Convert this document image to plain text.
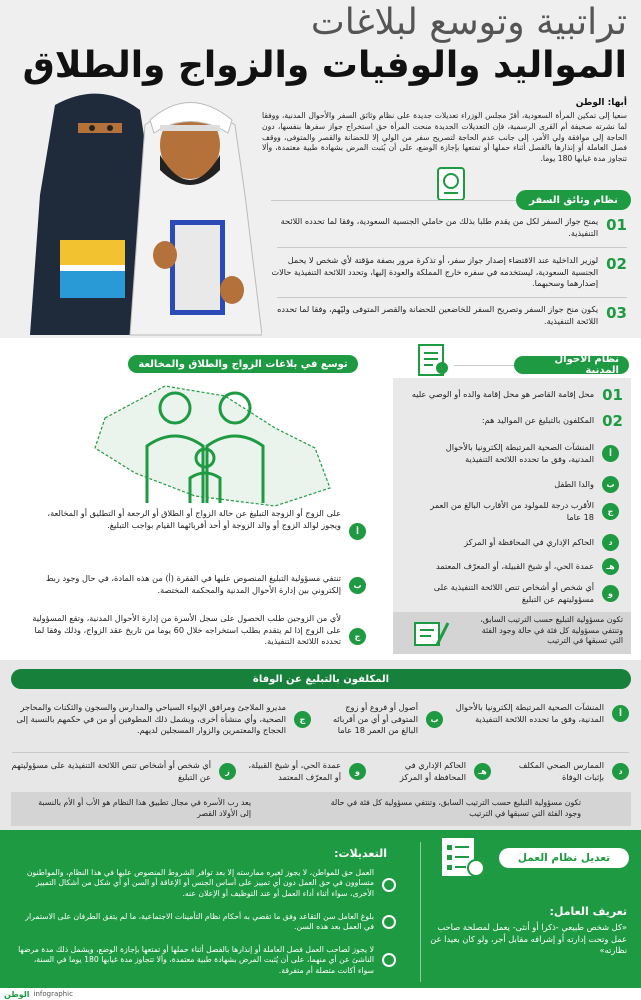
تراتبية وتوسع لبلاغات
المواليد والوفيات والزواج والطلاق
أبها: الوطن
سعيا إلى تمكين المرأة السعودية، أقرّ مجلس الوزراء تعديلات جديدة على نظام وثائق السفر والأحوال المدنية، ووفقا لما نشرته صحيفة أم القرى الرسمية، فإن التعديلات الجديدة منحت المرأة حق استخراج جواز سفرها بنفسها، دون الحاجة إلى موافقة ولي الأمر، إلى جانب عدم الحاجة لتصريح سفر من الولي إلا للحضانة والقصر والمتوفى، ووقف فصل العاملة أو إنذارها بالفصل أثناء حملها أو تمتعها بإجازة الوضع، على أن يُثبت المرض بشهادة طبية معتمدة، وألا تتجاوز مدة غيابها 180 يوما.
نظام وثائق السفر
01
يمنح جواز السفر لكل من يقدم طلبا بذلك من حاملي الجنسية السعودية، وفقا لما تحدده اللائحة التنفيذية.
02
لوزير الداخلية عند الاقتضاء إصدار جواز سفر، أو تذكرة مرور بصفة مؤقتة لأي شخص لا يحمل الجنسية السعودية، ليستخدمه في سفره خارج المملكة والعودة إليها، وتحدد اللائحة التنفيذية حالات إصدارهما وسحبهما.
03
يكون منح جواز السفر وتصريح السفر للخاضعين للحضانة والقصر المتوفى وليّهم، وفقا لما تحدده اللائحة التنفيذية.
نظام الأحوال المدنية
01
محل إقامة القاصر هو محل إقامة والده أو الوصي عليه
02
المكلفون بالتبليغ عن المواليد هم:
أ
المنشآت الصحية المرتبطة إلكترونيا بالأحوال المدنية، وفق ما تحدده اللائحة التنفيذية
ب
والدا الطفل
ج
الأقرب درجة للمولود من الأقارب البالغ من العمر 18 عاما
د
الحاكم الإداري في المحافظة أو المركز
هـ
عمدة الحي، أو شيخ القبيلة، أو المعرّف المعتمد
و
أي شخص أو أشخاص تنص اللائحة التنفيذية على مسؤوليتهم عن التبليغ
تكون مسؤولية التبليغ حسب الترتيب السابق، وتنتفي مسؤولية كل فئة في حالة وجود الفئة التي تسبقها في الترتيب
توسع في بلاغات الزواج والطلاق والمخالعة
أ
على الزوج أو الزوجة التبليغ عن حالة الزواج أو الطلاق أو الرجعة أو التطليق أو المخالعة، ويجوز لوالد الزوج أو والد الزوجة أو أحد أقربائهما القيام بواجب التبليغ.
ب
تنتفي مسؤولية التبليغ المنصوص عليها في الفقرة (أ) من هذه المادة، في حال وجود ربط إلكتروني بين إدارة الأحوال المدنية والمحكمة المختصة.
ج
لأي من الزوجين طلب الحصول على سجل الأسرة من إدارة الأحوال المدنية، وتقع المسؤولية على الزوج إذا لم يتقدم بطلب استخراجه خلال 60 يوما من تاريخ عقد الزواج، وذلك وفقا لما تحدده اللائحة التنفيذية.
المكلفون بالتبليغ عن الوفاة
أ
المنشآت الصحية المرتبطة إلكترونيا بالأحوال المدنية، وفق ما تحدده اللائحة التنفيذية
ب
أصول أو فروع أو زوج المتوفى أو أي من أقربائه البالغ من العمر 18 عاما
ج
مديرو الملاجئ ومرافق الإيواء السياحي والمدارس والسجون والثكنات والمحاجر الصحية، وأي منشأة أخرى، ويشمل ذلك المطوفين أو من في حكمهم بالنسبة إلى الحجاج والمعتمرين والزوار المسجلين لديهم.
د
الممارس الصحي المكلف بإثبات الوفاة
هـ
الحاكم الإداري في المحافظة أو المركز
و
عمدة الحي، أو شيخ القبيلة، أو المعرّف المعتمد
ز
أي شخص أو أشخاص تنص اللائحة التنفيذية على مسؤوليتهم عن التبليغ
تكون مسؤولية التبليغ حسب الترتيب السابق، وتنتفي مسؤولية كل فئة في حالة وجود الفئة التي تسبقها في الترتيب
يعد رب الأسرة في مجال تطبيق هذا النظام هو الأب أو الأم بالنسبة إلى الأولاد القصر
تعديل نظام العمل
تعريف العامل:
«كل شخص طبيعي -ذكرا أو أنثى- يعمل لمصلحة صاحب عمل وتحت إدارته أو إشرافه مقابل أجر، ولو كان بعيدا عن نظارته»
التعديلات:
العمل حق للمواطن، لا يجوز لغيره ممارسته إلا بعد توافر الشروط المنصوص عليها في هذا النظام، والمواطنون متساوون في حق العمل دون أي تمييز على أساس الجنس أو الإعاقة أو السن أو أي شكل من أشكال التمييز الأخرى، سواء أثناء أداء العمل أو عند التوظيف أو الإعلان عنه.
بلوغ العامل سن التقاعد وفق ما تقضي به أحكام نظام التأمينات الاجتماعية، ما لم يتفق الطرفان على الاستمرار في العمل بعد هذه السن.
لا يجوز لصاحب العمل فصل العاملة أو إنذارها بالفصل أثناء حملها أو تمتعها بإجازة الوضع، ويشمل ذلك مدة مرضها الناشئ عن أي منهما، على أن يُثبت المرض بشهادة طبية معتمدة، وألا تتجاوز مدة غيابها 180 يوما في السنة، سواء أكانت متصلة أم متفرقة.
الوطن infographic
